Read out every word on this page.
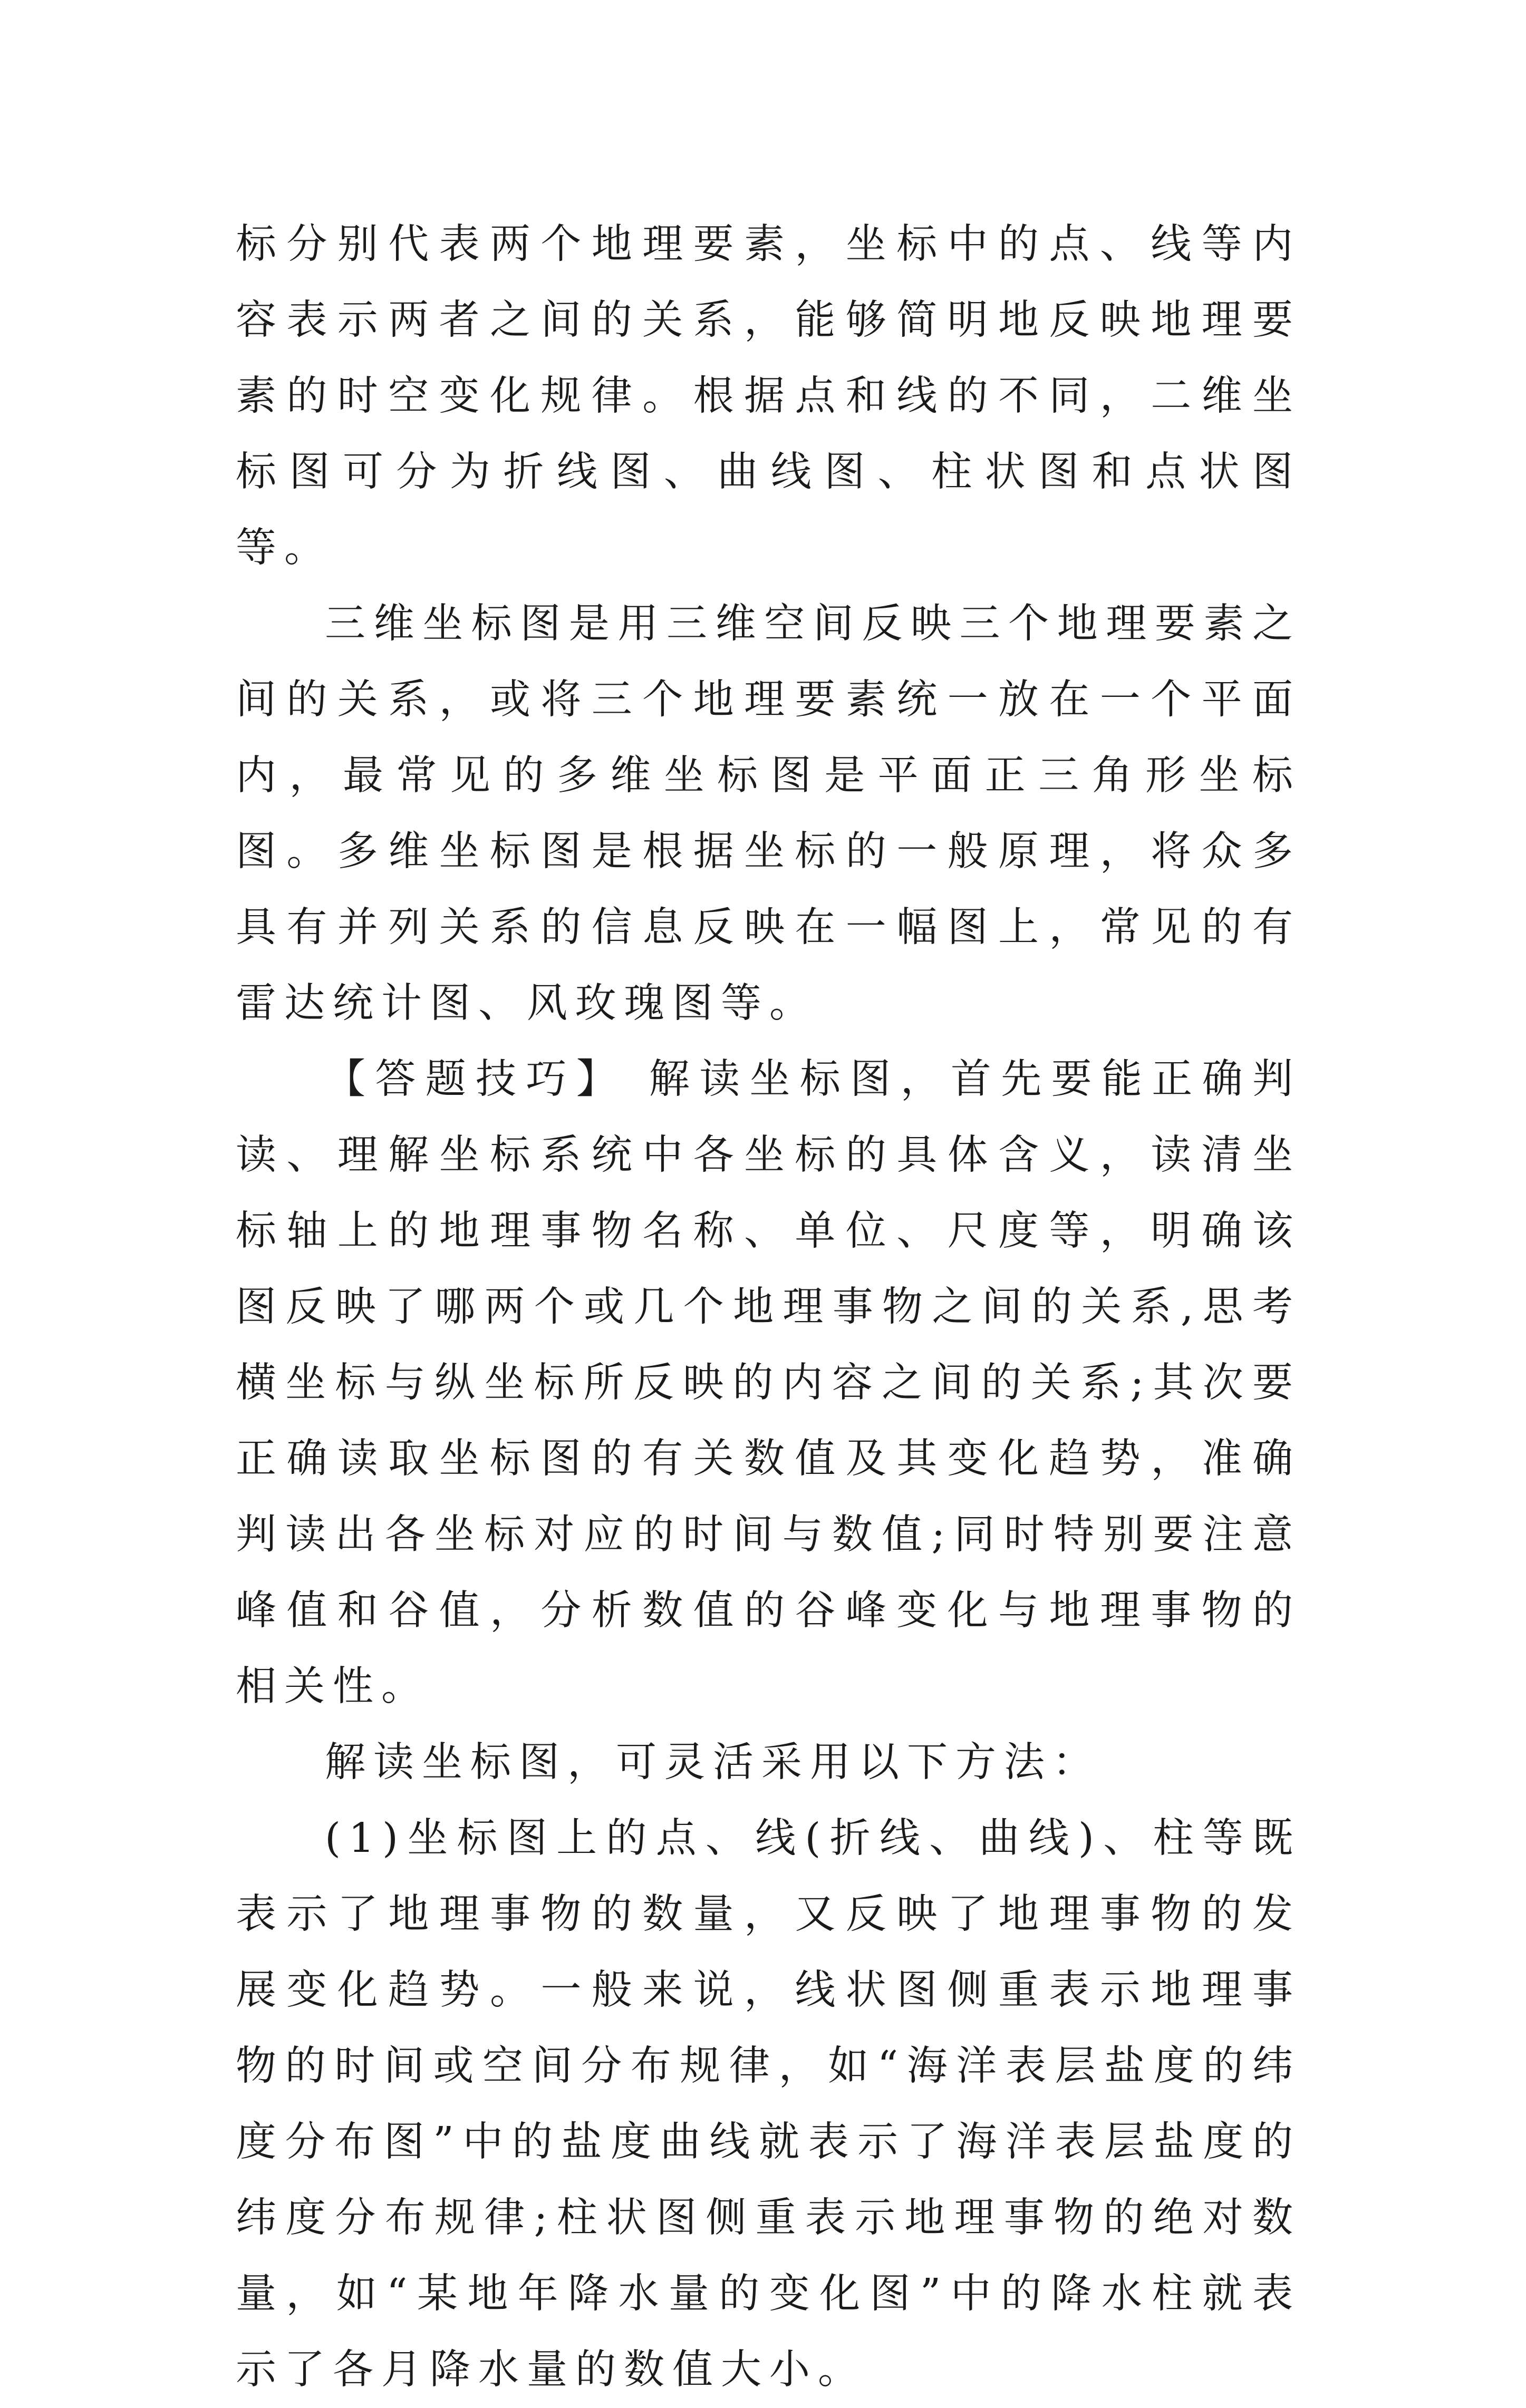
标分别代表两个地理要素，坐标中的点、线等内容表示两者之间的关系，能够简明地反映地理要素的时空变化规律。根据点和线的不同，二维坐标图可分为折线图、曲线图、柱状图和点状图等。

三维坐标图是用三维空间反映三个地理要素之间的关系，或将三个地理要素统一放在一个平面内，最常见的多维坐标图是平面正三角形坐标图。多维坐标图是根据坐标的一般原理，将众多具有并列关系的信息反映在一幅图上，常见的有雷达统计图、风玫瑰图等。

【答题技巧】 解读坐标图，首先要能正确判读、理解坐标系统中各坐标的具体含义，读清坐标轴上的地理事物名称、单位、尺度等，明确该图反映了哪两个或几个地理事物之间的关系,思考横坐标与纵坐标所反映的内容之间的关系;其次要正确读取坐标图的有关数值及其变化趋势，准确判读出各坐标对应的时间与数值;同时特别要注意峰值和谷值，分析数值的谷峰变化与地理事物的相关性。

解读坐标图，可灵活采用以下方法：

(1)坐标图上的点、线(折线、曲线)、柱等既表示了地理事物的数量，又反映了地理事物的发展变化趋势。一般来说，线状图侧重表示地理事物的时间或空间分布规律，如“海洋表层盐度的纬度分布图”中的盐度曲线就表示了海洋表层盐度的纬度分布规律;柱状图侧重表示地理事物的绝对数量，如“某地年降水量的变化图”中的降水柱就表示了各月降水量的数值大小。
